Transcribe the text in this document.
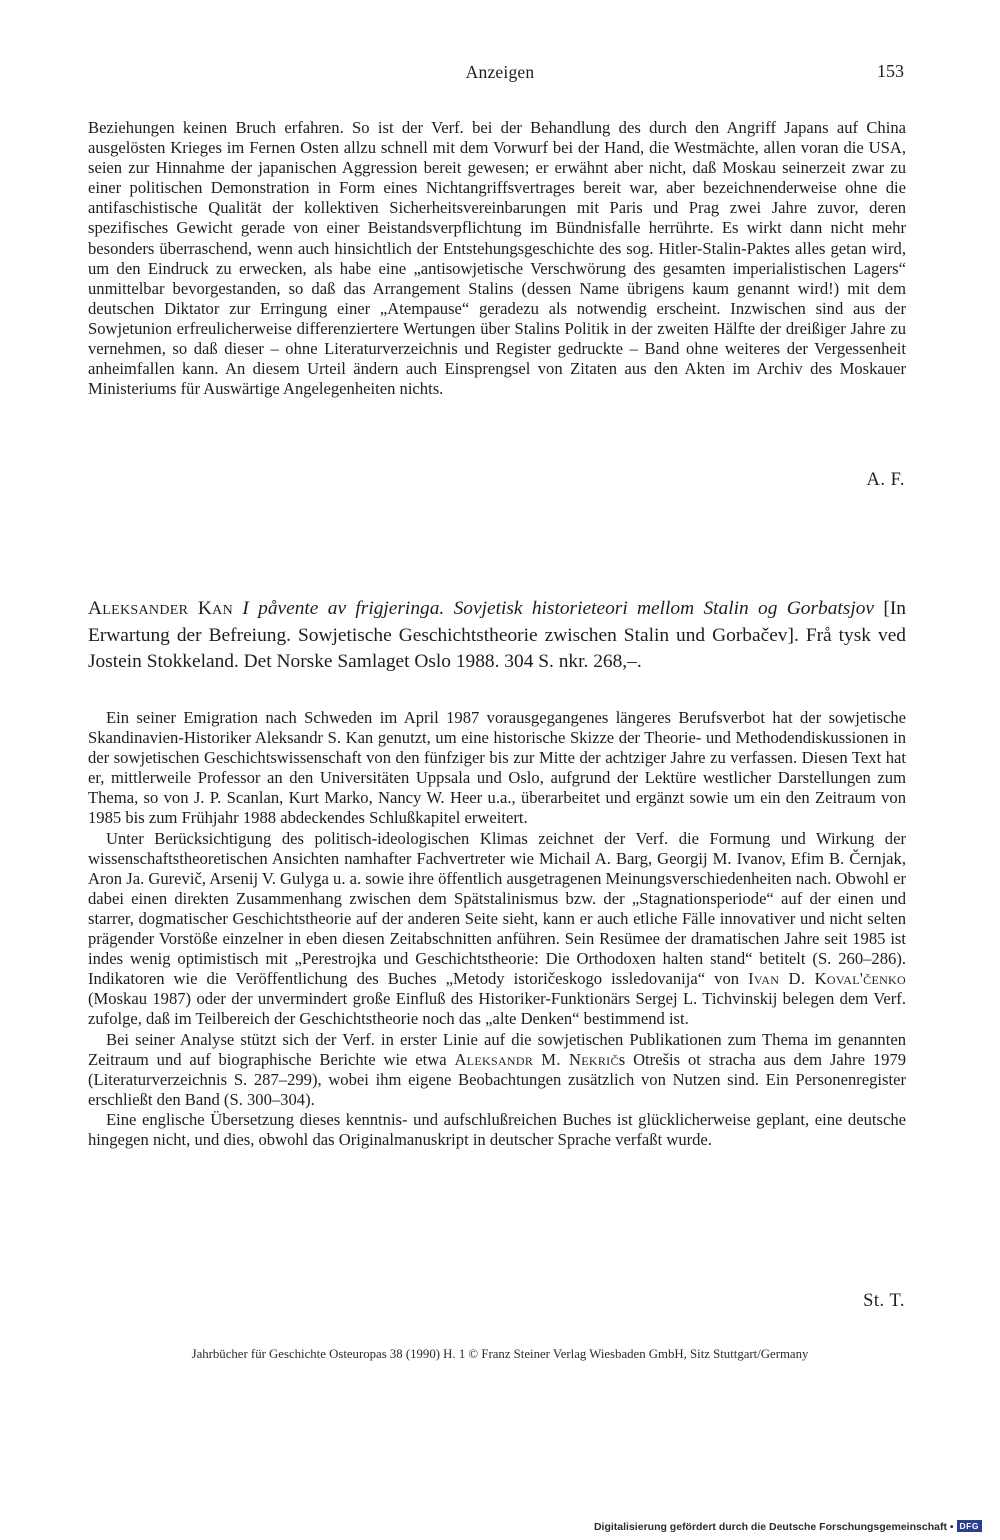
Anzeigen	153

Beziehungen keinen Bruch erfahren. So ist der Verf. bei der Behandlung des durch den Angriff Japans auf China ausgelösten Krieges im Fernen Osten allzu schnell mit dem Vorwurf bei der Hand, die Westmächte, allen voran die USA, seien zur Hinnahme der japanischen Aggression bereit gewesen; er erwähnt aber nicht, daß Moskau seinerzeit zwar zu einer politischen Demonstration in Form eines Nichtangriffsvertrages bereit war, aber bezeichnenderweise ohne die antifaschistische Qualität der kollektiven Sicherheitsvereinbarungen mit Paris und Prag zwei Jahre zuvor, deren spezifisches Gewicht gerade von einer Beistandsverpflichtung im Bündnisfalle herrührte. Es wirkt dann nicht mehr besonders überraschend, wenn auch hinsichtlich der Entstehungsgeschichte des sog. Hitler-Stalin-Paktes alles getan wird, um den Eindruck zu erwecken, als habe eine „antisowjetische Verschwörung des gesamten imperialistischen Lagers“ unmittelbar bevorgestanden, so daß das Arrangement Stalins (dessen Name übrigens kaum genannt wird!) mit dem deutschen Diktator zur Erringung einer „Atempause“ geradezu als notwendig erscheint. Inzwischen sind aus der Sowjetunion erfreulicherweise differenziertere Wertungen über Stalins Politik in der zweiten Hälfte der dreißiger Jahre zu vernehmen, so daß dieser – ohne Literaturverzeichnis und Register gedruckte – Band ohne weiteres der Vergessenheit anheimfallen kann. An diesem Urteil ändern auch Einsprengsel von Zitaten aus den Akten im Archiv des Moskauer Ministeriums für Auswärtige Angelegenheiten nichts.

A. F.
Aleksander Kan I påvente av frigjeringa. Sovjetisk historieteori mellom Stalin og Gorbatsjov [In Erwartung der Befreiung. Sowjetische Geschichtstheorie zwischen Stalin und Gorbačev]. Frå tysk ved Jostein Stokkeland. Det Norske Samlaget Oslo 1988. 304 S. nkr. 268,–.

Ein seiner Emigration nach Schweden im April 1987 vorausgegangenes längeres Berufsverbot hat der sowjetische Skandinavien-Historiker Aleksandr S. Kan genutzt, um eine historische Skizze der Theorie- und Methodendiskussionen in der sowjetischen Geschichtswissenschaft von den fünfziger bis zur Mitte der achtziger Jahre zu verfassen. Diesen Text hat er, mittlerweile Professor an den Universitäten Uppsala und Oslo, aufgrund der Lektüre westlicher Darstellungen zum Thema, so von J. P. Scanlan, Kurt Marko, Nancy W. Heer u.a., überarbeitet und ergänzt sowie um ein den Zeitraum von 1985 bis zum Frühjahr 1988 abdeckendes Schlußkapitel erweitert.

Unter Berücksichtigung des politisch-ideologischen Klimas zeichnet der Verf. die Formung und Wirkung der wissenschaftstheoretischen Ansichten namhafter Fachvertreter wie Michail A. Barg, Georgij M. Ivanov, Efim B. Černjak, Aron Ja. Gurevič, Arsenij V. Gulyga u. a. sowie ihre öffentlich ausgetragenen Meinungsverschiedenheiten nach. Obwohl er dabei einen direkten Zusammenhang zwischen dem Spätstalinismus bzw. der „Stagnationsperiode“ auf der einen und starrer, dogmatischer Geschichtstheorie auf der anderen Seite sieht, kann er auch etliche Fälle innovativer und nicht selten prägender Vorstöße einzelner in eben diesen Zeitabschnitten anführen. Sein Resümee der dramatischen Jahre seit 1985 ist indes wenig optimistisch mit „Perestrojka und Geschichtstheorie: Die Orthodoxen halten stand“ betitelt (S. 260–286). Indikatoren wie die Veröffentlichung des Buches „Metody istoričeskogo issledovanija“ von Ivan D. Koval'čenko (Moskau 1987) oder der unvermindert große Einfluß des Historiker-Funktionärs Sergej L. Tichvinskij belegen dem Verf. zufolge, daß im Teilbereich der Geschichtstheorie noch das „alte Denken“ bestimmend ist.

Bei seiner Analyse stützt sich der Verf. in erster Linie auf die sowjetischen Publikationen zum Thema im genannten Zeitraum und auf biographische Berichte wie etwa Aleksandr M. Nekričs Otrešis ot stracha aus dem Jahre 1979 (Literaturverzeichnis S. 287–299), wobei ihm eigene Beobachtungen zusätzlich von Nutzen sind. Ein Personenregister erschließt den Band (S. 300–304).

Eine englische Übersetzung dieses kenntnis- und aufschlußreichen Buches ist glücklicherweise geplant, eine deutsche hingegen nicht, und dies, obwohl das Originalmanuskript in deutscher Sprache verfaßt wurde.

St. T.
Jahrbücher für Geschichte Osteuropas 38 (1990) H. 1 © Franz Steiner Verlag Wiesbaden GmbH, Sitz Stuttgart/Germany
Digitalisierung gefördert durch die Deutsche Forschungsgemeinschaft • DFG
